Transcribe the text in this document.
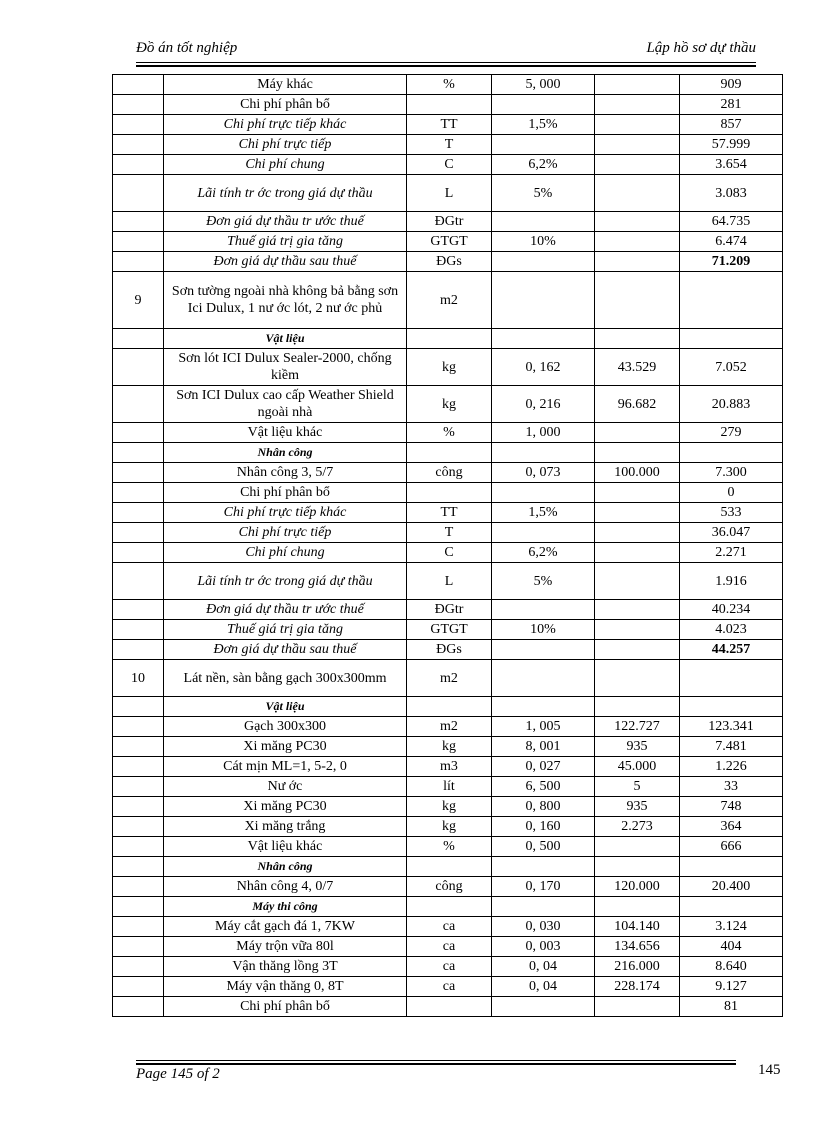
Đồ án tốt nghiệp	Lập hồ sơ dự thầu
	Máy khác	%	5, 000		909
	Chi phí phân bổ				281
	Chi phí trực tiếp khác	TT	1,5%		857
	Chi phí trực tiếp	T			57.999
	Chi phí chung	C	6,2%		3.654
	Lãi tính tr ớc trong giá dự thầu	L	5%		3.083
	Đơn giá dự thầu tr ước thuế	ĐGtr			64.735
	Thuế giá trị gia tăng	GTGT	10%		6.474
	Đơn giá dự thầu sau thuế	ĐGs			71.209
9	Sơn tường ngoài nhà không bả bằng sơn Ici Dulux, 1 nư ớc lót, 2 nư ớc phủ	m2			
	Vật liệu				
	Sơn lót ICI Dulux Sealer-2000, chống kiềm	kg	0, 162	43.529	7.052
	Sơn ICI Dulux cao cấp Weather Shield ngoài nhà	kg	0, 216	96.682	20.883
	Vật liệu khác	%	1, 000		279
	Nhân công				
	Nhân công 3, 5/7	công	0, 073	100.000	7.300
	Chi phí phân bổ				0
	Chi phí trực tiếp khác	TT	1,5%		533
	Chi phí trực tiếp	T			36.047
	Chi phí chung	C	6,2%		2.271
	Lãi tính tr ớc trong giá dự thầu	L	5%		1.916
	Đơn giá dự thầu tr ước thuế	ĐGtr			40.234
	Thuế giá trị gia tăng	GTGT	10%		4.023
	Đơn giá dự thầu sau thuế	ĐGs			44.257
10	Lát nền, sàn bằng gạch 300x300mm	m2			
	Vật liệu				
	Gạch 300x300	m2	1, 005	122.727	123.341
	Xi măng PC30	kg	8, 001	935	7.481
	Cát mịn ML=1, 5-2, 0	m3	0, 027	45.000	1.226
	Nư ớc	lít	6, 500	5	33
	Xi măng PC30	kg	0, 800	935	748
	Xi măng trắng	kg	0, 160	2.273	364
	Vật liệu khác	%	0, 500		666
	Nhân công				
	Nhân công 4, 0/7	công	0, 170	120.000	20.400
	Máy thi công				
	Máy cắt gạch đá 1, 7KW	ca	0, 030	104.140	3.124
	Máy trộn vữa 80l	ca	0, 003	134.656	404
	Vận thăng lồng 3T	ca	0, 04	216.000	8.640
	Máy vận thăng 0, 8T	ca	0, 04	228.174	9.127
	Chi phí phân bổ				81
Page 145 of 2	145
